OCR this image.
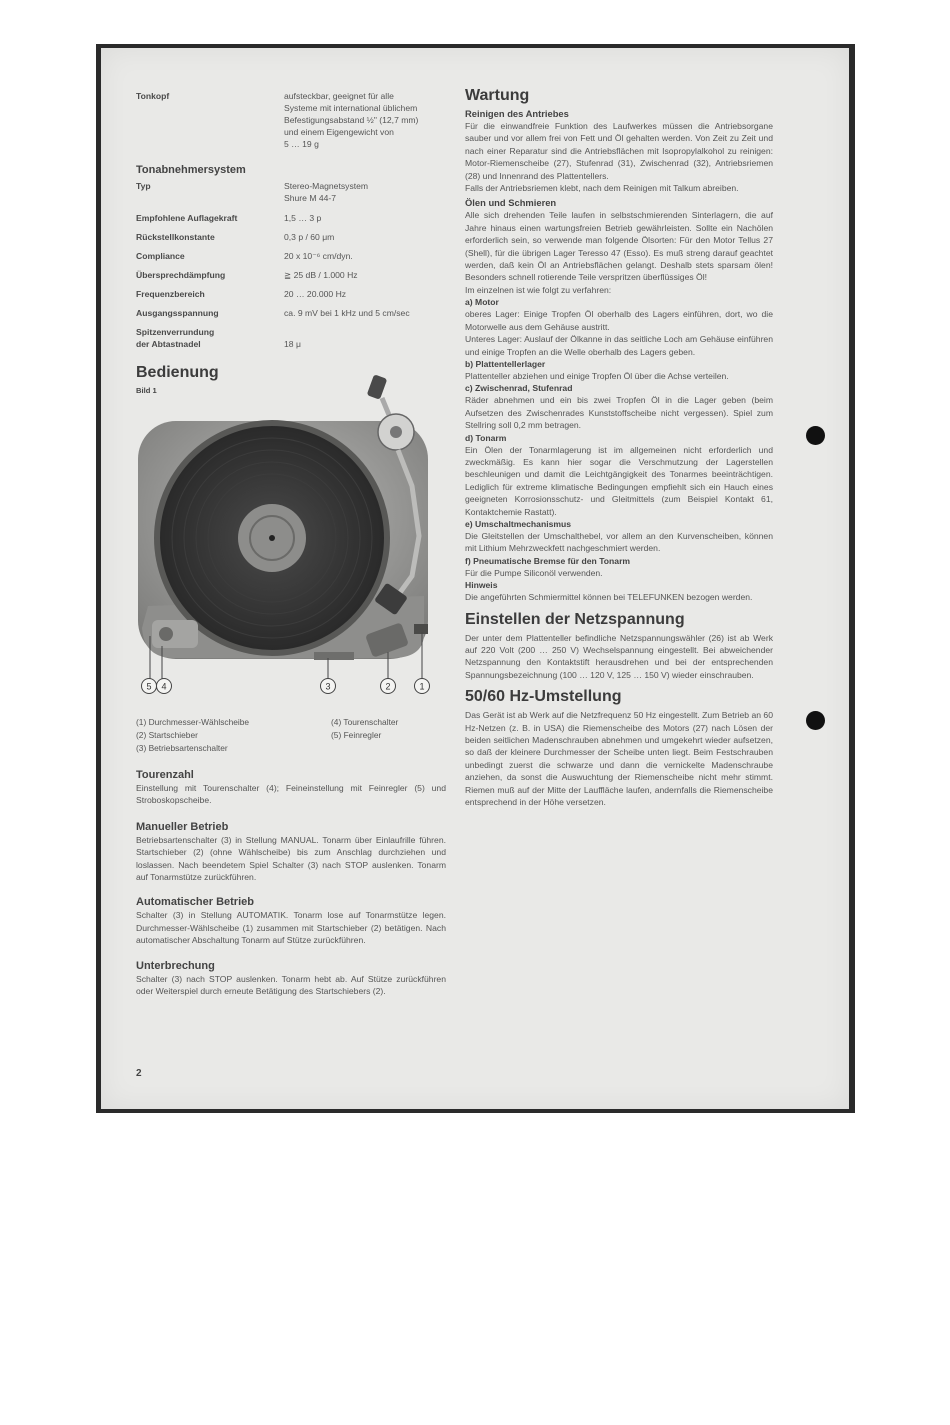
Tonkopf	aufsteckbar, geeignet für alle
Systeme mit international üblichem
Befestigungsabstand ½" (12,7 mm)
und einem Eigengewicht von
5 … 19 g
Tonabnehmersystem
Typ	Stereo-Magnetsystem
Shure M 44-7
Empfohlene Auflagekraft	1,5 … 3 p
Rückstellkonstante	0,3 p / 60 μm
Compliance	20 x 10⁻⁶ cm/dyn.
Übersprechdämpfung	≧ 25 dB / 1.000 Hz
Frequenzbereich	20 … 20.000 Hz
Ausgangsspannung	ca. 9 mV bei 1 kHz und 5 cm/sec
Spitzenverrundung
der Abtastnadel	18 μ
Bedienung
Bild 1
5 4	3	2	1
(1) Durchmesser-Wählscheibe	(4) Tourenschalter
(2) Startschieber	(5) Feinregler
(3) Betriebsartenschalter
Tourenzahl

Einstellung mit Tourenschalter (4); Feineinstellung mit Feinregler (5) und Stroboskopscheibe.

Manueller Betrieb

Betriebsartenschalter (3) in Stellung MANUAL. Tonarm über Einlaufrille führen. Startschieber (2) (ohne Wählscheibe) bis zum Anschlag durchziehen und loslassen. Nach beendetem Spiel Schalter (3) nach STOP auslenken. Tonarm auf Tonarmstütze zurückführen.

Automatischer Betrieb

Schalter (3) in Stellung AUTOMATIK. Tonarm lose auf Tonarmstütze legen. Durchmesser-Wählscheibe (1) zusammen mit Startschieber (2) betätigen. Nach automatischer Abschaltung Tonarm auf Stütze zurückführen.

Unterbrechung

Schalter (3) nach STOP auslenken. Tonarm hebt ab. Auf Stütze zurückführen oder Weiterspiel durch erneute Betätigung des Startschiebers (2).

2
Wartung
Reinigen des Antriebes

Für die einwandfreie Funktion des Laufwerkes müssen die Antriebsorgane sauber und vor allem frei von Fett und Öl gehalten werden. Von Zeit zu Zeit und nach einer Reparatur sind die Antriebsflächen mit Isopropylalkohol zu reinigen: Motor-Riemenscheibe (27), Stufenrad (31), Zwischenrad (32), Antriebsriemen (28) und Innenrand des Plattentellers.

Falls der Antriebsriemen klebt, nach dem Reinigen mit Talkum abreiben.

Ölen und Schmieren

Alle sich drehenden Teile laufen in selbstschmierenden Sinterlagern, die auf Jahre hinaus einen wartungsfreien Betrieb gewährleisten. Sollte ein Nachölen erforderlich sein, so verwende man folgende Ölsorten: Für den Motor Tellus 27 (Shell), für die übrigen Lager Teresso 47 (Esso). Es muß streng darauf geachtet werden, daß kein Öl an Antriebsflächen gelangt. Deshalb stets sparsam ölen! Besonders schnell rotierende Teile verspritzen überflüssiges Öl!

Im einzelnen ist wie folgt zu verfahren:

a) Motor

oberes Lager: Einige Tropfen Öl oberhalb des Lagers einführen, dort, wo die Motorwelle aus dem Gehäuse austritt.

Unteres Lager: Auslauf der Ölkanne in das seitliche Loch am Gehäuse einführen und einige Tropfen an die Welle oberhalb des Lagers geben.

b) Plattentellerlager

Plattenteller abziehen und einige Tropfen Öl über die Achse verteilen.

c) Zwischenrad, Stufenrad

Räder abnehmen und ein bis zwei Tropfen Öl in die Lager geben (beim Aufsetzen des Zwischenrades Kunststoffscheibe nicht vergessen). Spiel zum Stellring soll 0,2 mm betragen.

d) Tonarm

Ein Ölen der Tonarmlagerung ist im allgemeinen nicht erforderlich und zweckmäßig. Es kann hier sogar die Verschmutzung der Lagerstellen beschleunigen und damit die Leichtgängigkeit des Tonarmes beeinträchtigen. Lediglich für extreme klimatische Bedingungen empfiehlt sich ein Hauch eines geeigneten Korrosionsschutz- und Gleitmittels (zum Beispiel Kontakt 61, Kontaktchemie Rastatt).

e) Umschaltmechanismus

Die Gleitstellen der Umschalthebel, vor allem an den Kurvenscheiben, können mit Lithium Mehrzweckfett nachgeschmiert werden.

f) Pneumatische Bremse für den Tonarm

Für die Pumpe Siliconöl verwenden.

Hinweis

Die angeführten Schmiermittel können bei TELEFUNKEN bezogen werden.

Einstellen der Netzspannung

Der unter dem Plattenteller befindliche Netzspannungswähler (26) ist ab Werk auf 220 Volt (200 … 250 V) Wechselspannung eingestellt. Bei abweichender Netzspannung den Kontaktstift herausdrehen und bei der entsprechenden Spannungsbezeichnung (100 … 120 V, 125 … 150 V) wieder einschrauben.

50/60 Hz-Umstellung

Das Gerät ist ab Werk auf die Netzfrequenz 50 Hz eingestellt. Zum Betrieb an 60 Hz-Netzen (z. B. in USA) die Riemenscheibe des Motors (27) nach Lösen der beiden seitlichen Madenschrauben abnehmen und umgekehrt wieder aufsetzen, so daß der kleinere Durchmesser der Scheibe unten liegt. Beim Festschrauben unbedingt zuerst die schwarze und dann die vernickelte Madenschraube anziehen, da sonst die Auswuchtung der Riemenscheibe nicht mehr stimmt. Riemen muß auf der Mitte der Lauffläche laufen, andernfalls die Riemenscheibe entsprechend in der Höhe versetzen.
